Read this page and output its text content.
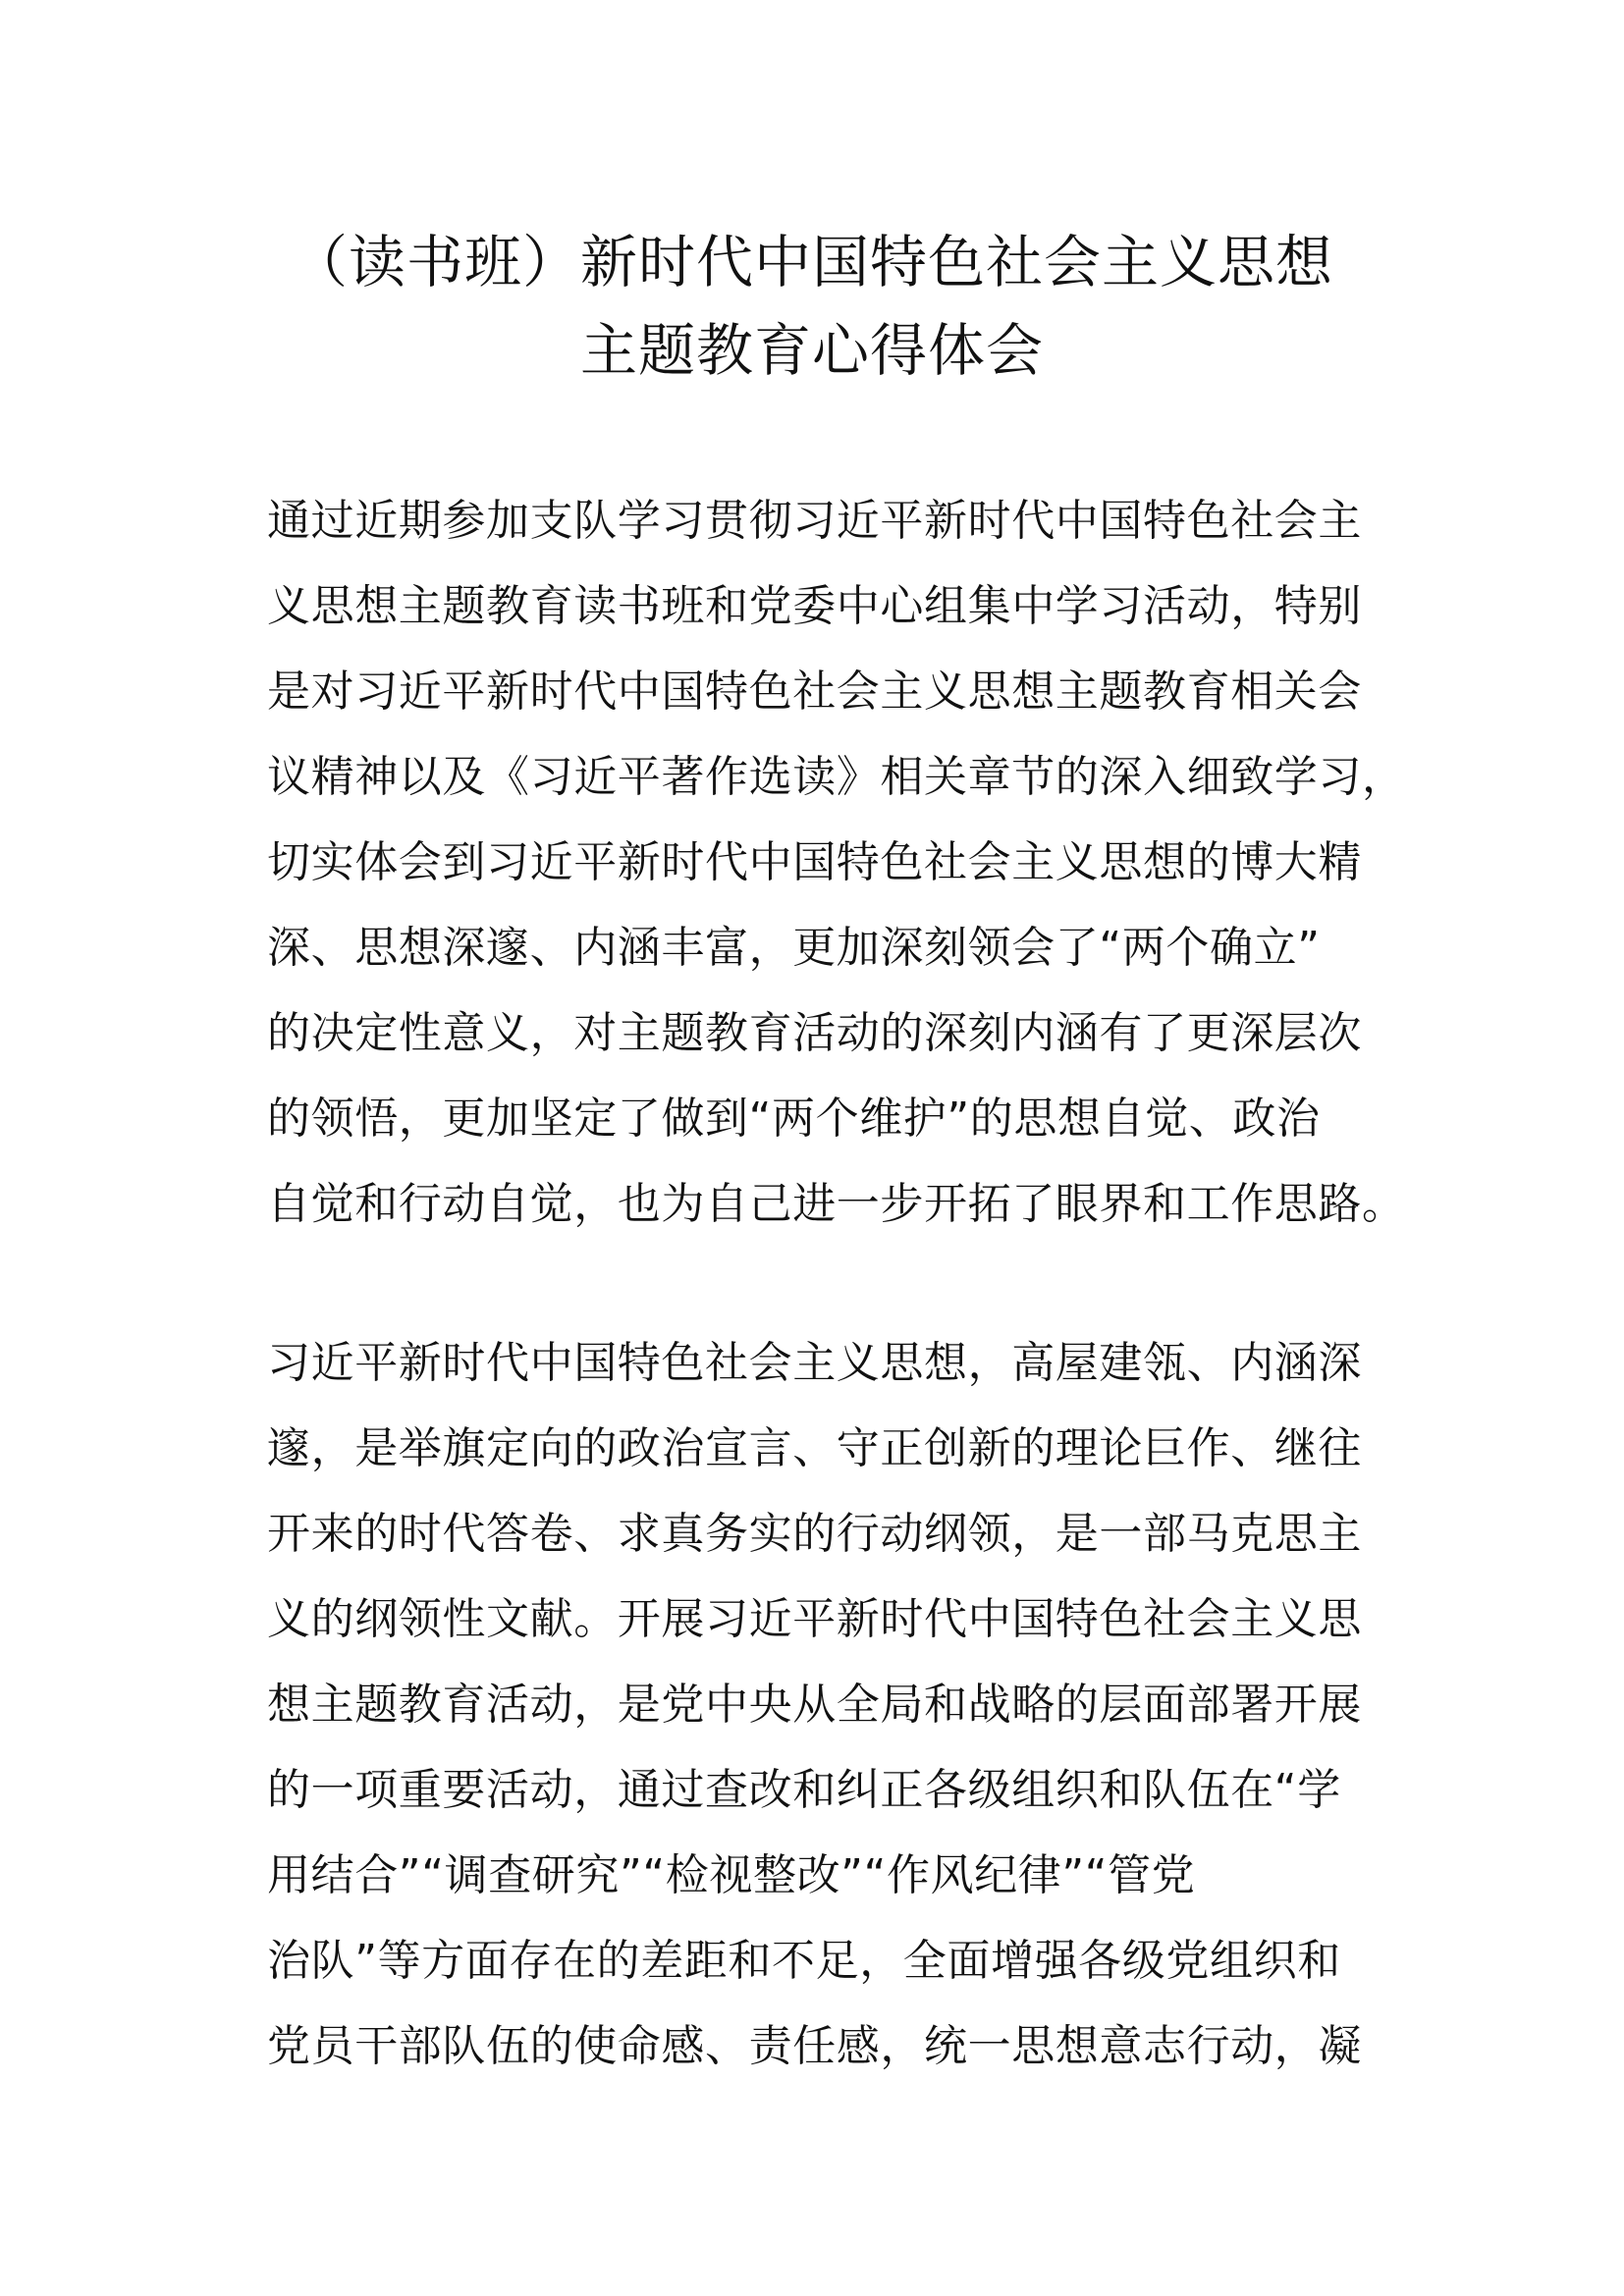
（读书班）新时代中国特色社会主义思想
主题教育心得体会
通过近期参加支队学习贯彻习近平新时代中国特色社会主
义思想主题教育读书班和党委中心组集中学习活动，特别
是对习近平新时代中国特色社会主义思想主题教育相关会
议精神以及《习近平著作选读》相关章节的深入细致学习，
切实体会到习近平新时代中国特色社会主义思想的博大精
深、思想深邃、内涵丰富，更加深刻领会了“两个确立”
的决定性意义，对主题教育活动的深刻内涵有了更深层次
的领悟，更加坚定了做到“两个维护”的思想自觉、政治
自觉和行动自觉，也为自己进一步开拓了眼界和工作思路。
习近平新时代中国特色社会主义思想，高屋建瓴、内涵深
邃，是举旗定向的政治宣言、守正创新的理论巨作、继往
开来的时代答卷、求真务实的行动纲领，是一部马克思主
义的纲领性文献。开展习近平新时代中国特色社会主义思
想主题教育活动，是党中央从全局和战略的层面部署开展
的一项重要活动，通过查改和纠正各级组织和队伍在“学
用结合”“调查研究”“检视整改”“作风纪律”“管党
治队”等方面存在的差距和不足，全面增强各级党组织和
党员干部队伍的使命感、责任感，统一思想意志行动，凝
